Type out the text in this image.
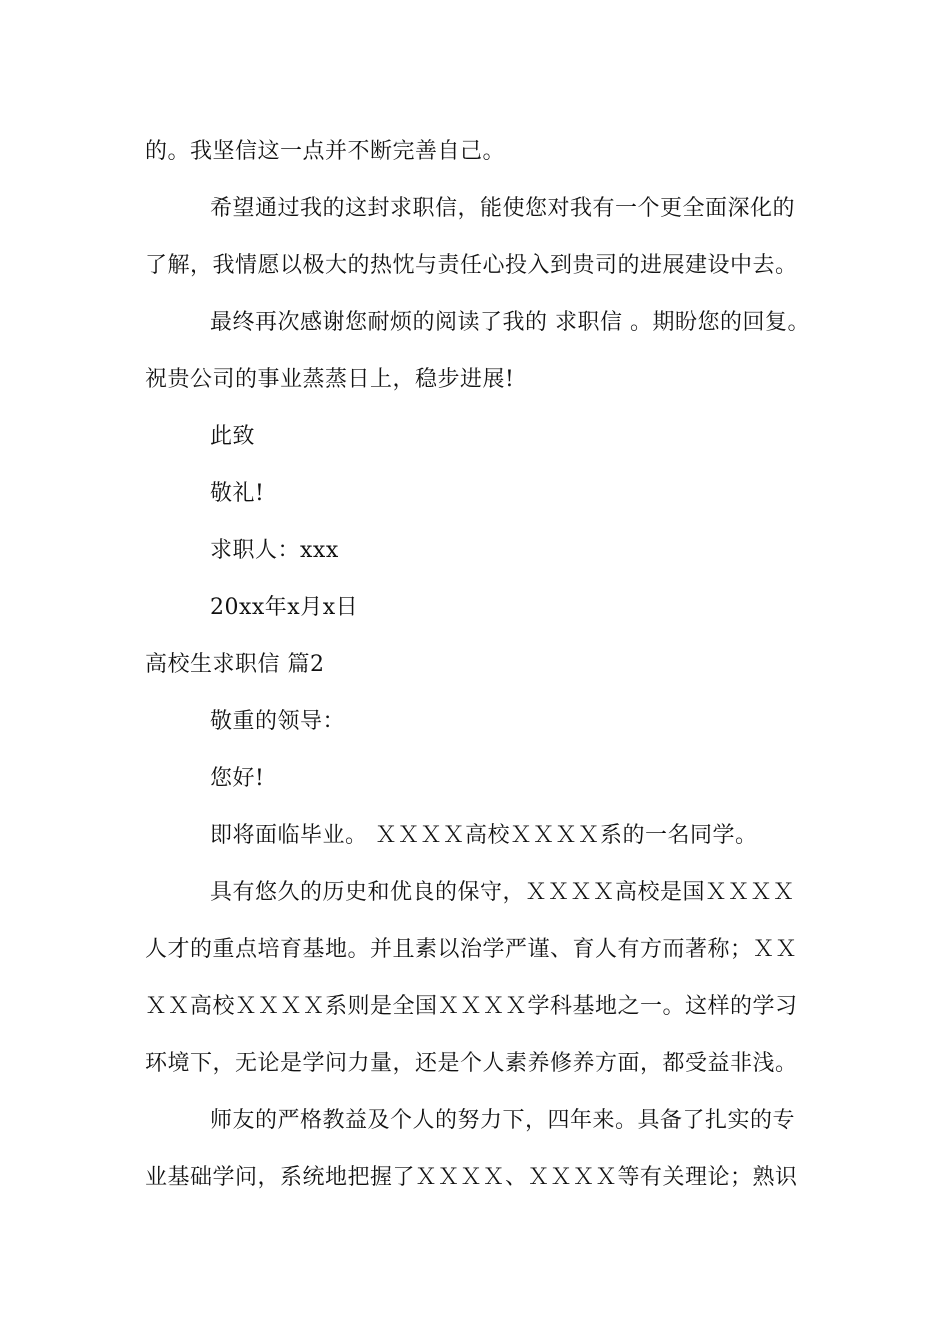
的。我坚信这一点并不断完善自己。
希望通过我的这封求职信，能使您对我有一个更全面深化的
了解，我情愿以极大的热忱与责任心投入到贵司的进展建设中去。
最终再次感谢您耐烦的阅读了我的 求职信 。期盼您的回复。
祝贵公司的事业蒸蒸日上，稳步进展!
此致
敬礼!
求职人：xxx
20xx年x月x日
高校生求职信 篇2
敬重的领导：
您好!
即将面临毕业。 ＸＸＸＸ高校ＸＸＸＸ系的一名同学。
具有悠久的历史和优良的保守，ＸＸＸＸ高校是国ＸＸＸＸ
人才的重点培育基地。并且素以治学严谨、育人有方而著称；ＸＸ
ＸＸ高校ＸＸＸＸ系则是全国ＸＸＸＸ学科基地之一。这样的学习
环境下，无论是学问力量，还是个人素养修养方面，都受益非浅。
师友的严格教益及个人的努力下，四年来。具备了扎实的专
业基础学问，系统地把握了ＸＸＸＸ、ＸＸＸＸ等有关理论；熟识
